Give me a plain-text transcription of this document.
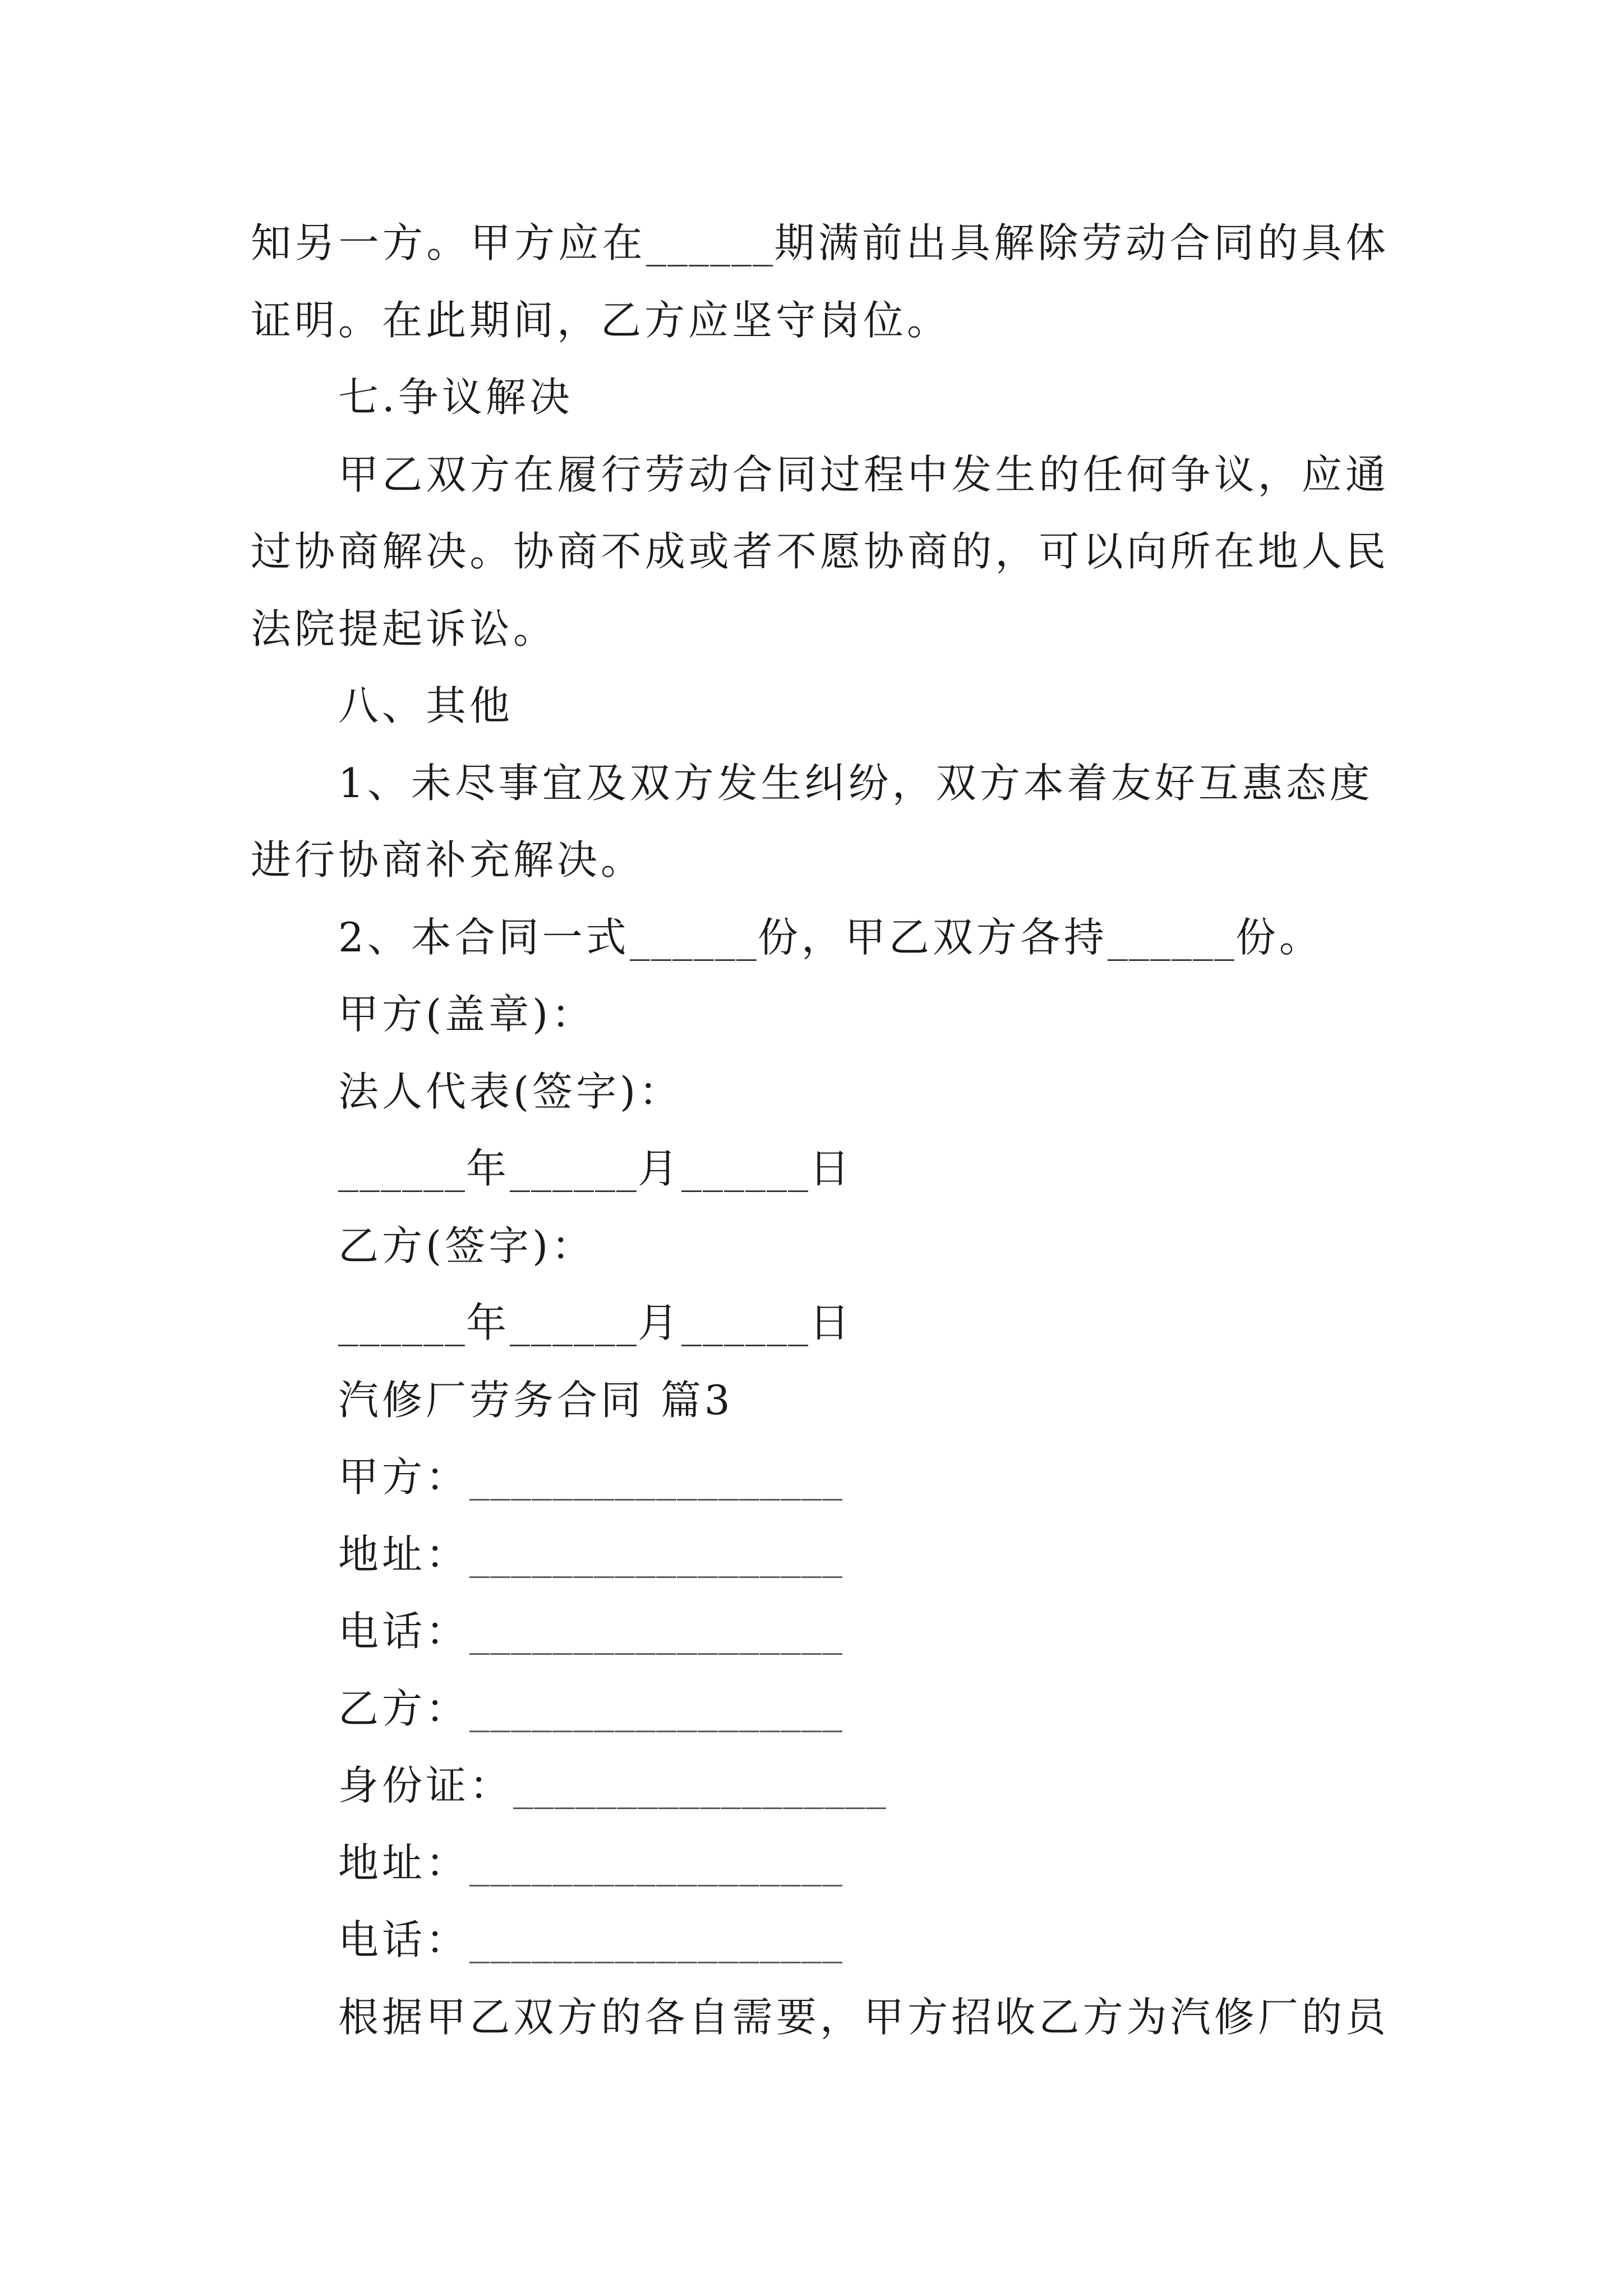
知另一方。甲方应在______期满前出具解除劳动合同的具体
证明。在此期间，乙方应坚守岗位。
七.争议解决
甲乙双方在履行劳动合同过程中发生的任何争议，应通
过协商解决。协商不成或者不愿协商的，可以向所在地人民
法院提起诉讼。
八、其他
1、未尽事宜及双方发生纠纷，双方本着友好互惠态度
进行协商补充解决。
2、本合同一式______份，甲乙双方各持______份。
甲方(盖章)：
法人代表(签字)：
______年______月______日
乙方(签字)：
______年______月______日
汽修厂劳务合同 篇3
甲方：__________________
地址：__________________
电话：__________________
乙方：__________________
身份证：__________________
地址：__________________
电话：__________________
根据甲乙双方的各自需要，甲方招收乙方为汽修厂的员
